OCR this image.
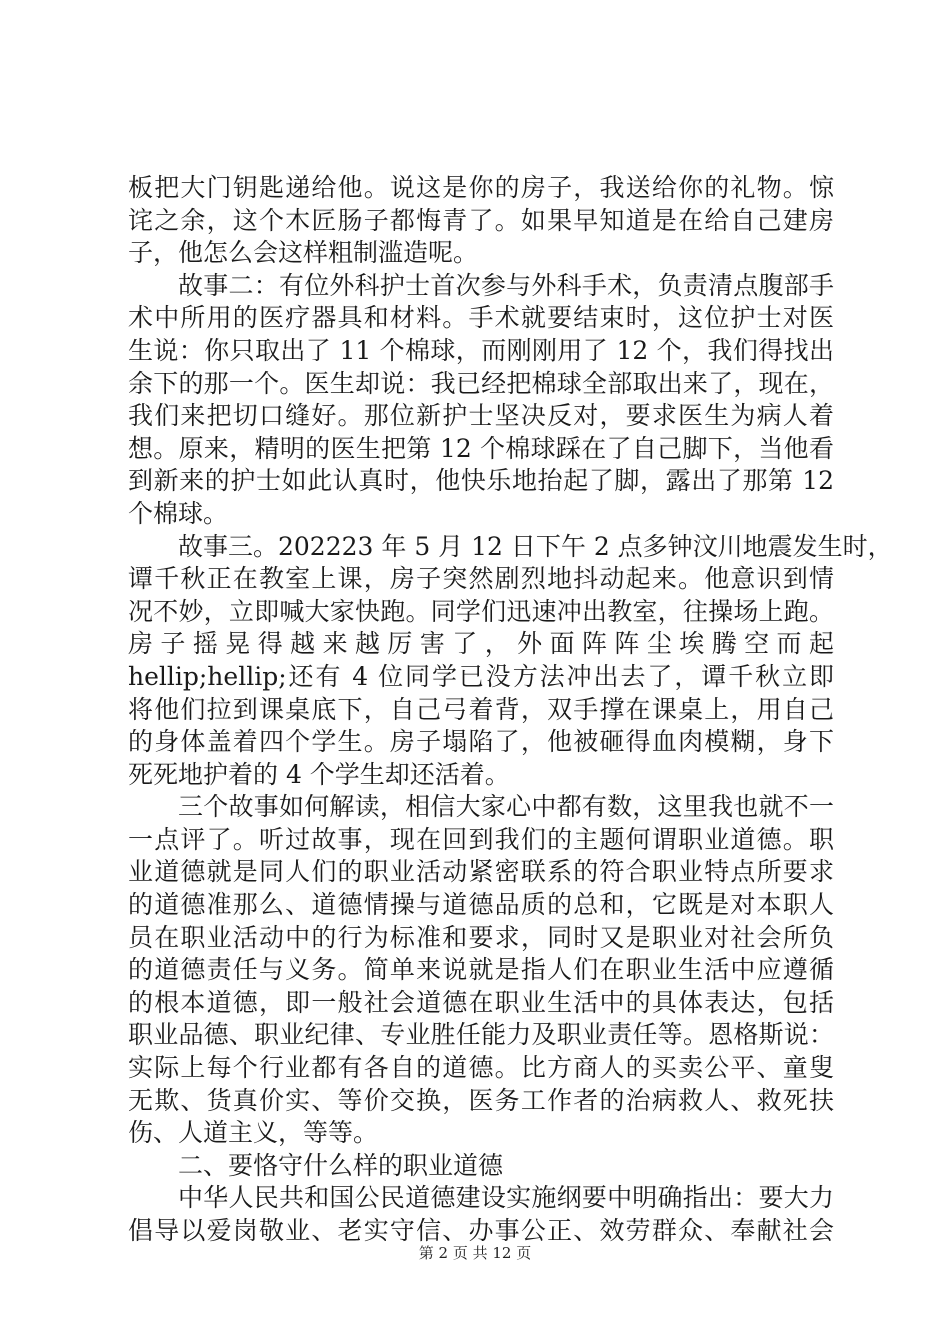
板把大门钥匙递给他。说这是你的房子，我送给你的礼物。惊
诧之余，这个木匠肠子都悔青了。如果早知道是在给自己建房
子，他怎么会这样粗制滥造呢。
故事二：有位外科护士首次参与外科手术，负责清点腹部手
术中所用的医疗器具和材料。手术就要结束时，这位护士对医
生说：你只取出了 11 个棉球，而刚刚用了 12 个，我们得找出
余下的那一个。医生却说：我已经把棉球全部取出来了，现在，
我们来把切口缝好。那位新护士坚决反对，要求医生为病人着
想。原来，精明的医生把第 12 个棉球踩在了自己脚下，当他看
到新来的护士如此认真时，他快乐地抬起了脚，露出了那第 12
个棉球。
故事三。202223 年 5 月 12 日下午 2 点多钟汶川地震发生时，
谭千秋正在教室上课，房子突然剧烈地抖动起来。他意识到情
况不妙，立即喊大家快跑。同学们迅速冲出教室，往操场上跑。
房子摇晃得越来越厉害了，外面阵阵尘埃腾空而起
hellip;hellip;还有 4 位同学已没方法冲出去了，谭千秋立即
将他们拉到课桌底下，自己弓着背，双手撑在课桌上，用自己
的身体盖着四个学生。房子塌陷了，他被砸得血肉模糊，身下
死死地护着的 4 个学生却还活着。
三个故事如何解读，相信大家心中都有数，这里我也就不一
一点评了。听过故事，现在回到我们的主题何谓职业道德。职
业道德就是同人们的职业活动紧密联系的符合职业特点所要求
的道德准那么、道德情操与道德品质的总和，它既是对本职人
员在职业活动中的行为标准和要求，同时又是职业对社会所负
的道德责任与义务。简单来说就是指人们在职业生活中应遵循
的根本道德，即一般社会道德在职业生活中的具体表达，包括
职业品德、职业纪律、专业胜任能力及职业责任等。恩格斯说：
实际上每个行业都有各自的道德。比方商人的买卖公平、童叟
无欺、货真价实、等价交换，医务工作者的治病救人、救死扶
伤、人道主义，等等。
二、要恪守什么样的职业道德
中华人民共和国公民道德建设实施纲要中明确指出：要大力
倡导以爱岗敬业、老实守信、办事公正、效劳群众、奉献社会
第 2 页 共 12 页
